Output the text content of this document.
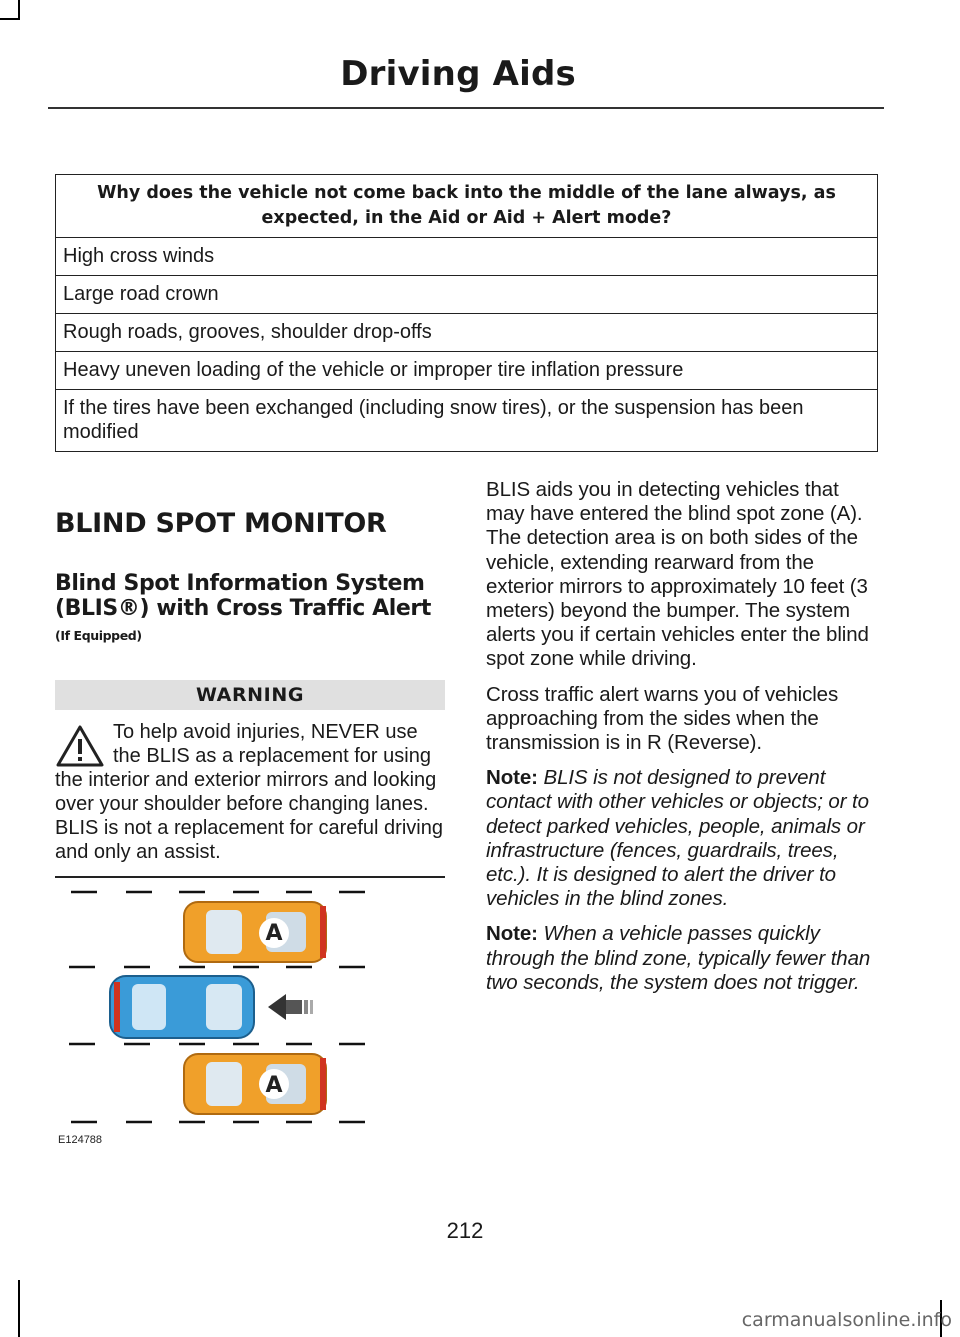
Driving Aids
Why does the vehicle not come back into the middle of the lane always, as expected, in the Aid or Aid + Alert mode?
High cross winds
Large road crown
Rough roads, grooves, shoulder drop-offs
Heavy uneven loading of the vehicle or improper tire inflation pressure
If the tires have been exchanged (including snow tires), or the suspension has been modified
BLIND SPOT MONITOR
Blind Spot Information System (BLIS®) with Cross Traffic Alert (If Equipped)
WARNING
To help avoid injuries, NEVER use the BLIS as a replacement for using the interior and exterior mirrors and looking over your shoulder before changing lanes. BLIS is not a replacement for careful driving and only an assist.
A
A
E124788

BLIS aids you in detecting vehicles that may have entered the blind spot zone (A). The detection area is on both sides of the vehicle, extending rearward from the exterior mirrors to approximately 10 feet (3 meters) beyond the bumper. The system alerts you if certain vehicles enter the blind spot zone while driving.

Cross traffic alert warns you of vehicles approaching from the sides when the transmission is in R (Reverse).

Note: BLIS is not designed to prevent contact with other vehicles or objects; or to detect parked vehicles, people, animals or infrastructure (fences, guardrails, trees, etc.). It is designed to alert the driver to vehicles in the blind zones.

Note: When a vehicle passes quickly through the blind zone, typically fewer than two seconds, the system does not trigger.

212
carmanualsonline.info
